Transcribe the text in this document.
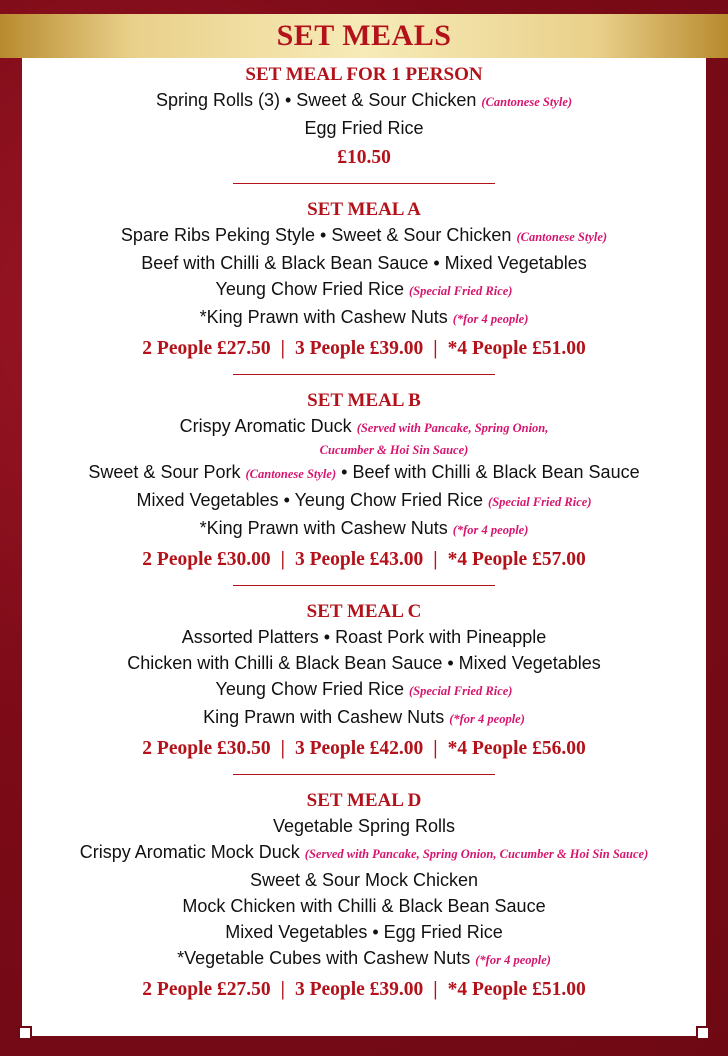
SET MEALS

SET MEAL FOR 1 PERSON

Spring Rolls (3) • Sweet & Sour Chicken (Cantonese Style)

Egg Fried Rice

£10.50

SET MEAL A

Spare Ribs Peking Style • Sweet & Sour Chicken (Cantonese Style)

Beef with Chilli & Black Bean Sauce • Mixed Vegetables

Yeung Chow Fried Rice (Special Fried Rice)

*King Prawn with Cashew Nuts (*for 4 people)

2 People £27.50 | 3 People £39.00 | *4 People £51.00

SET MEAL B

Crispy Aromatic Duck (Served with Pancake, Spring Onion,

Cucumber & Hoi Sin Sauce)

Sweet & Sour Pork (Cantonese Style) • Beef with Chilli & Black Bean Sauce

Mixed Vegetables • Yeung Chow Fried Rice (Special Fried Rice)

*King Prawn with Cashew Nuts (*for 4 people)

2 People £30.00 | 3 People £43.00 | *4 People £57.00

SET MEAL C

Assorted Platters • Roast Pork with Pineapple

Chicken with Chilli & Black Bean Sauce • Mixed Vegetables

Yeung Chow Fried Rice (Special Fried Rice)

King Prawn with Cashew Nuts (*for 4 people)

2 People £30.50 | 3 People £42.00 | *4 People £56.00

SET MEAL D

Vegetable Spring Rolls

Crispy Aromatic Mock Duck (Served with Pancake, Spring Onion, Cucumber & Hoi Sin Sauce)

Sweet & Sour Mock Chicken

Mock Chicken with Chilli & Black Bean Sauce

Mixed Vegetables • Egg Fried Rice

*Vegetable Cubes with Cashew Nuts (*for 4 people)

2 People £27.50 | 3 People £39.00 | *4 People £51.00
